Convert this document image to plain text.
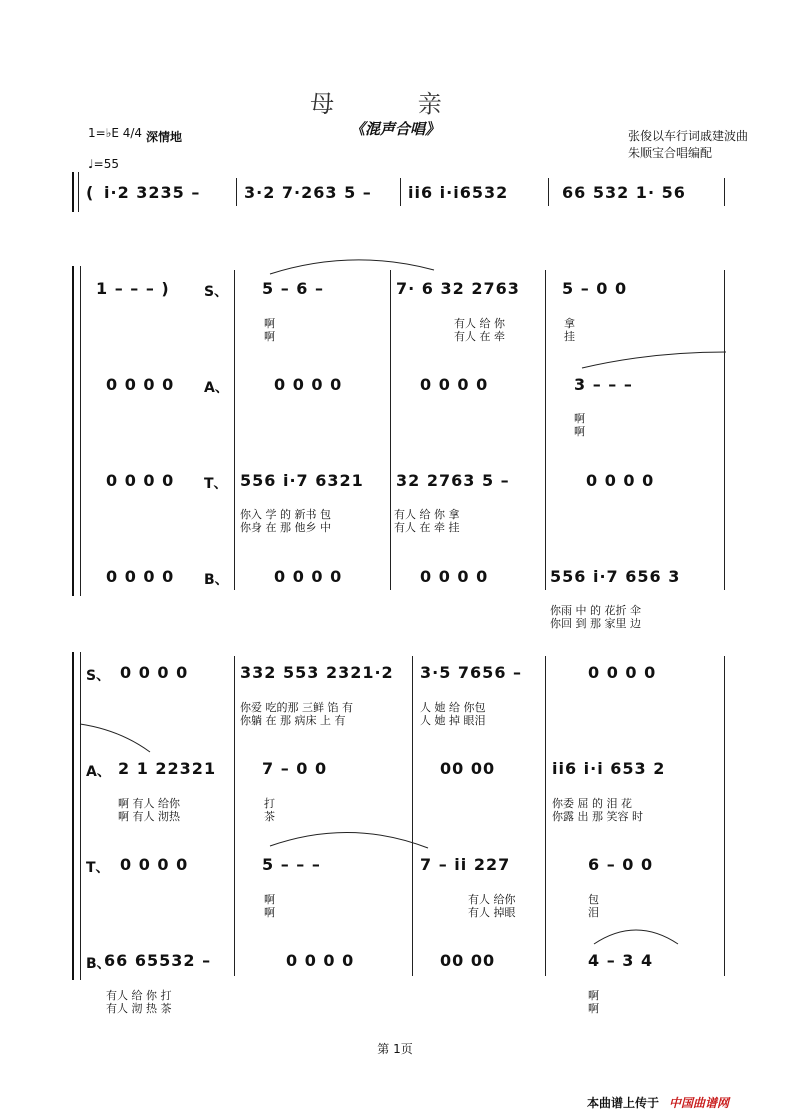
母 亲
《混声合唱》
1=♭E 4/4 深情地
♩=55
张俊以车行词戚建波曲
朱顺宝合唱编配
( i·2 3235 –	3·2 7·263 5 – ii6 i·i6532	66 532 1· 56
1 – – – )
0 0 0 0
0 0 0 0
0 0 0 0
S、
A、
T、
B、
5 – 6 –	7· 6 32 2763	5 – 0 0
啊	有人 给 你	拿
啊	有人 在 牵	挂
0 0 0 0	0 0 0 0	3 – – –
啊
啊
556 i·7 6321 32 2763 5 –	0 0 0 0
你入 学 的 新书 包	有人 给 你 拿
你身 在 那 他乡 中	有人 在 牵 挂
0 0 0 0	0 0 0 0	556 i·7 656 3
你雨 中 的 花折 伞
你回 到 那 家里 边
S、
A、
T、
B、
0 0 0 0	332 553 2321·2 3·5 7656 –	0 0 0 0
你爱 吃的那 三鲜 馅 有	人 她 给 你包
你躺 在 那 病床 上 有	人 她 掉 眼泪
2 1 22321	7 – 0 0	00 00	ii6 i·i 653 2
啊 有人 给你	打	你委 屈 的 泪 花
啊 有人 沏热	茶	你露 出 那 笑容 时
0 0 0 0	5 – – –	7 – ii 227	6 – 0 0
啊	有人 给你	包
啊	有人 掉眼	泪
66 65532 –	0 0 0 0	00 00	4 – 3 4
有人 给 你 打	啊
有人 沏 热 茶	啊
第 1页
本曲谱上传于 中国曲谱网
